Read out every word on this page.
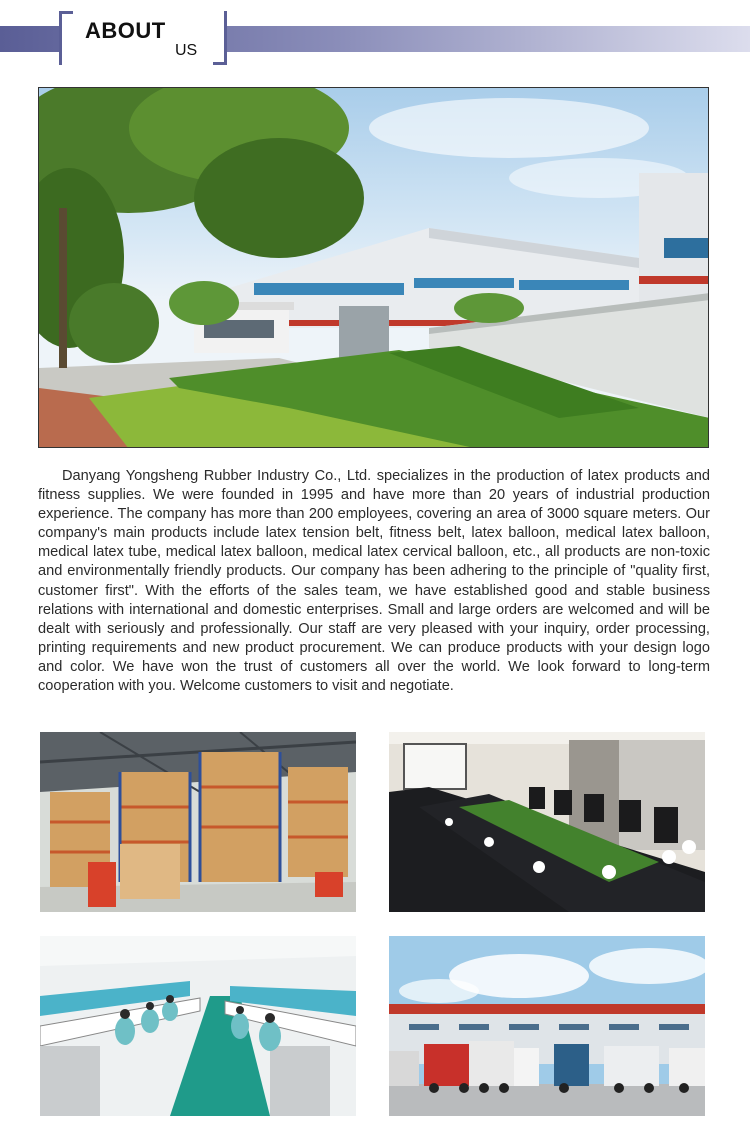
ABOUT
US

Danyang Yongsheng Rubber Industry Co., Ltd. specializes in the production of latex products and fitness supplies. We were founded in 1995 and have more than 20 years of industrial production experience. The company has more than 200 employees, covering an area of 3000 square meters. Our company's main products include latex tension belt, fitness belt, latex balloon, medical latex balloon, medical latex tube, medical latex balloon, medical latex cervical balloon, etc., all products are non-toxic and environmentally friendly products. Our company has been adhering to the principle of "quality first, customer first". With the efforts of the sales team, we have established good and stable business relations with international and domestic enterprises. Small and large orders are welcomed and will be dealt with seriously and professionally. Our staff are very pleased with your inquiry, order processing, printing requirements and new product procurement. We can produce products with your design logo and color. We have won the trust of customers all over the world. We look forward to long-term cooperation with you. Welcome customers to visit and negotiate.
